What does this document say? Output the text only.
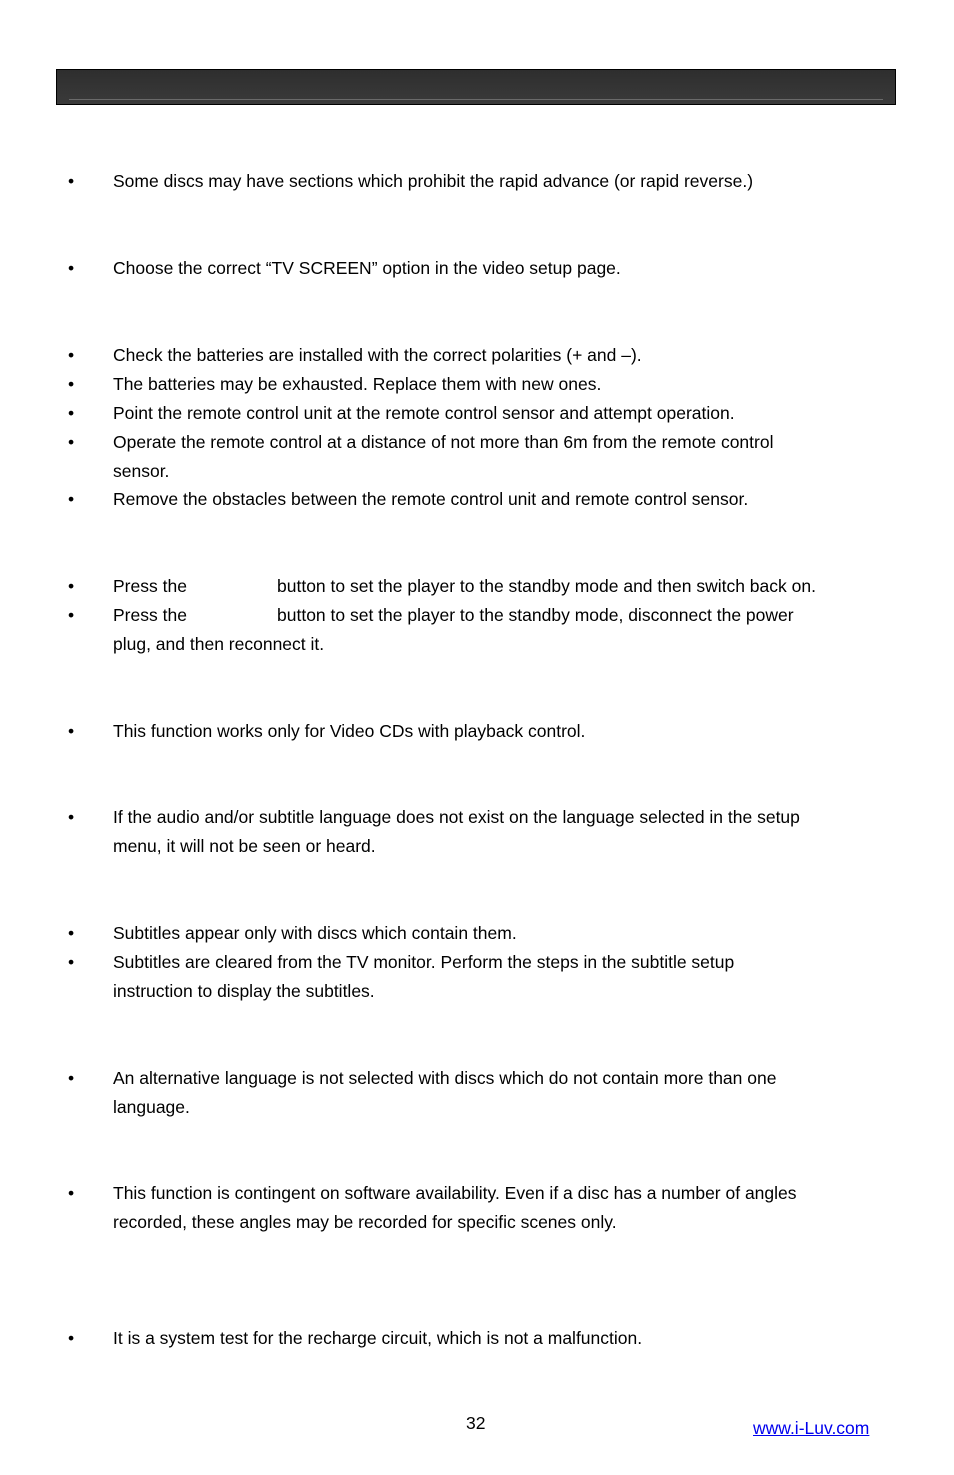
• Some discs may have sections which prohibit the rapid advance (or rapid reverse.)
• Choose the correct “TV SCREEN” option in the video setup page.
• Check the batteries are installed with the correct polarities (+ and –).
• The batteries may be exhausted. Replace them with new ones.
• Point the remote control unit at the remote control sensor and attempt operation.
• Operate the remote control at a distance of not more than 6m from the remote control
sensor.
• Remove the obstacles between the remote control unit and remote control sensor.
• Press the	button to set the player to the standby mode and then switch back on.
• Press the	button to set the player to the standby mode, disconnect the power
plug, and then reconnect it.
• This function works only for Video CDs with playback control.
• If the audio and/or subtitle language does not exist on the language selected in the setup
menu, it will not be seen or heard.
• Subtitles appear only with discs which contain them.
• Subtitles are cleared from the TV monitor. Perform the steps in the subtitle setup
instruction to display the subtitles.
• An alternative language is not selected with discs which do not contain more than one
language.
• This function is contingent on software availability. Even if a disc has a number of angles
recorded, these angles may be recorded for specific scenes only.
• It is a system test for the recharge circuit, which is not a malfunction.
32	www.i-Luv.com
